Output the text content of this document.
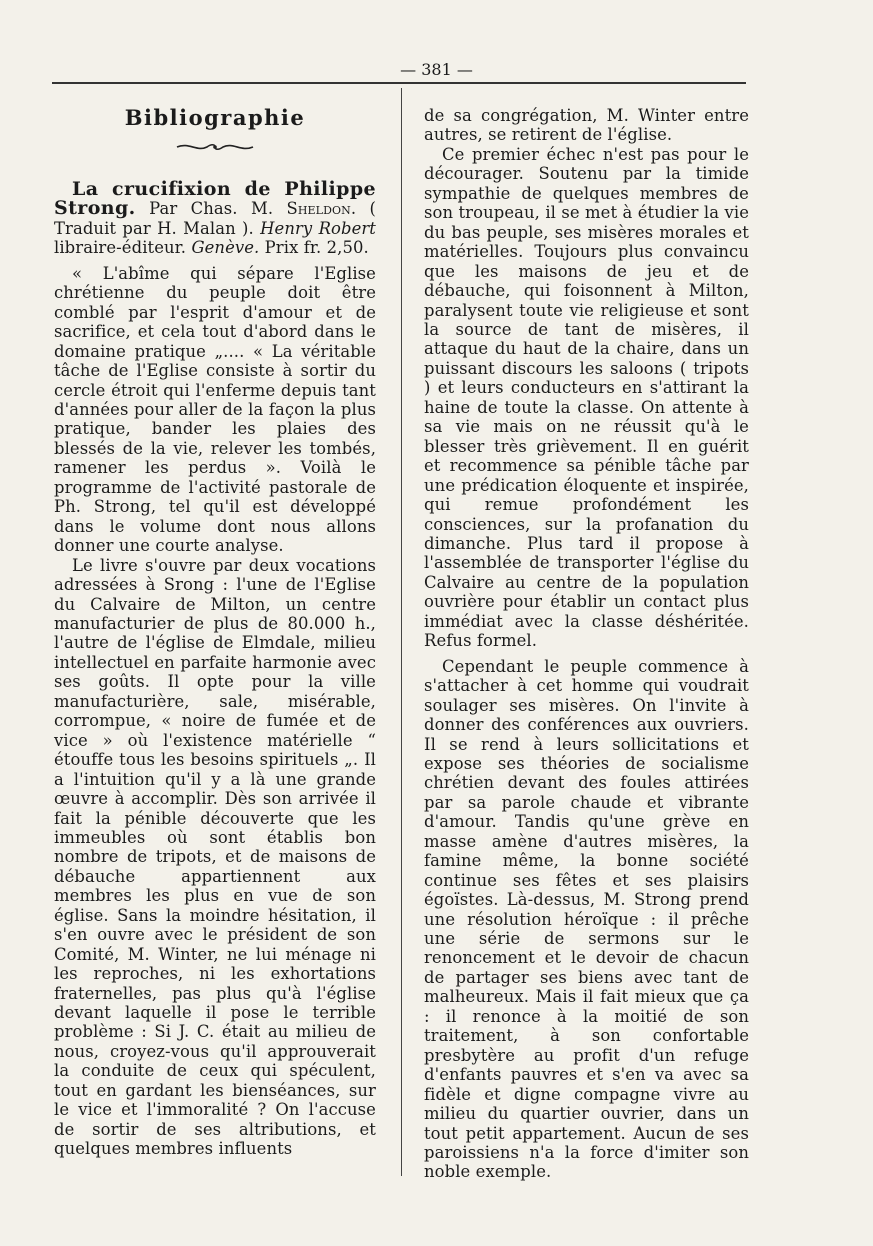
— 381 —
Bibliographie

La crucifixion de Philippe Strong. Par Chas. M. Sheldon. ( Traduit par H. Malan ). Henry Robert libraire-éditeur. Genève. Prix fr. 2,50.

« L'abîme qui sépare l'Eglise chrétienne du peuple doit être comblé par l'esprit d'amour et de sacrifice, et cela tout d'abord dans le domaine pratique „.... « La véritable tâche de l'Eglise consiste à sortir du cercle étroit qui l'enferme depuis tant d'années pour aller de la façon la plus pratique, bander les plaies des blessés de la vie, relever les tombés, ramener les perdus ». Voilà le programme de l'activité pastorale de Ph. Strong, tel qu'il est développé dans le volume dont nous allons donner une courte analyse.

Le livre s'ouvre par deux vocations adressées à Srong : l'une de l'Eglise du Calvaire de Milton, un centre manufacturier de plus de 80.000 h., l'autre de l'église de Elmdale, milieu intellectuel en parfaite harmonie avec ses goûts. Il opte pour la ville manufacturière, sale, misérable, corrompue, « noire de fumée et de vice » où l'existence matérielle “ étouffe tous les besoins spirituels „. Il a l'intuition qu'il y a là une grande œuvre à accomplir. Dès son arrivée il fait la pénible découverte que les immeubles où sont établis bon nombre de tripots, et de maisons de débauche appartiennent aux membres les plus en vue de son église. Sans la moindre hésitation, il s'en ouvre avec le président de son Comité, M. Winter, ne lui ménage ni les reproches, ni les exhortations fraternelles, pas plus qu'à l'église devant laquelle il pose le terrible problème : Si J. C. était au milieu de nous, croyez-vous qu'il approuverait la conduite de ceux qui spéculent, tout en gardant les bienséances, sur le vice et l'immoralité ? On l'accuse de sortir de ses altributions, et quelques membres influents

de sa congrégation, M. Winter entre autres, se retirent de l'église.

Ce premier échec n'est pas pour le décourager. Soutenu par la timide sympathie de quelques membres de son troupeau, il se met à étudier la vie du bas peuple, ses misères morales et matérielles. Toujours plus convaincu que les maisons de jeu et de débauche, qui foisonnent à Milton, paralysent toute vie religieuse et sont la source de tant de misères, il attaque du haut de la chaire, dans un puissant discours les saloons ( tripots ) et leurs conducteurs en s'attirant la haine de toute la classe. On attente à sa vie mais on ne réussit qu'à le blesser très grièvement. Il en guérit et recommence sa pénible tâche par une prédication éloquente et inspirée, qui remue profondément les consciences, sur la profanation du dimanche. Plus tard il propose à l'assemblée de transporter l'église du Calvaire au centre de la population ouvrière pour établir un contact plus immédiat avec la classe déshéritée. Refus formel.

Cependant le peuple commence à s'attacher à cet homme qui voudrait soulager ses misères. On l'invite à donner des conférences aux ouvriers. Il se rend à leurs sollicitations et expose ses théories de socialisme chrétien devant des foules attirées par sa parole chaude et vibrante d'amour. Tandis qu'une grève en masse amène d'autres misères, la famine même, la bonne société continue ses fêtes et ses plaisirs égoïstes. Là-dessus, M. Strong prend une résolution héroïque : il prêche une série de sermons sur le renoncement et le devoir de chacun de partager ses biens avec tant de malheureux. Mais il fait mieux que ça : il renonce à la moitié de son traitement, à son confortable presbytère au profit d'un refuge d'enfants pauvres et s'en va avec sa fidèle et digne compagne vivre au milieu du quartier ouvrier, dans un tout petit appartement. Aucun de ses paroissiens n'a la force d'imiter son noble exemple.
